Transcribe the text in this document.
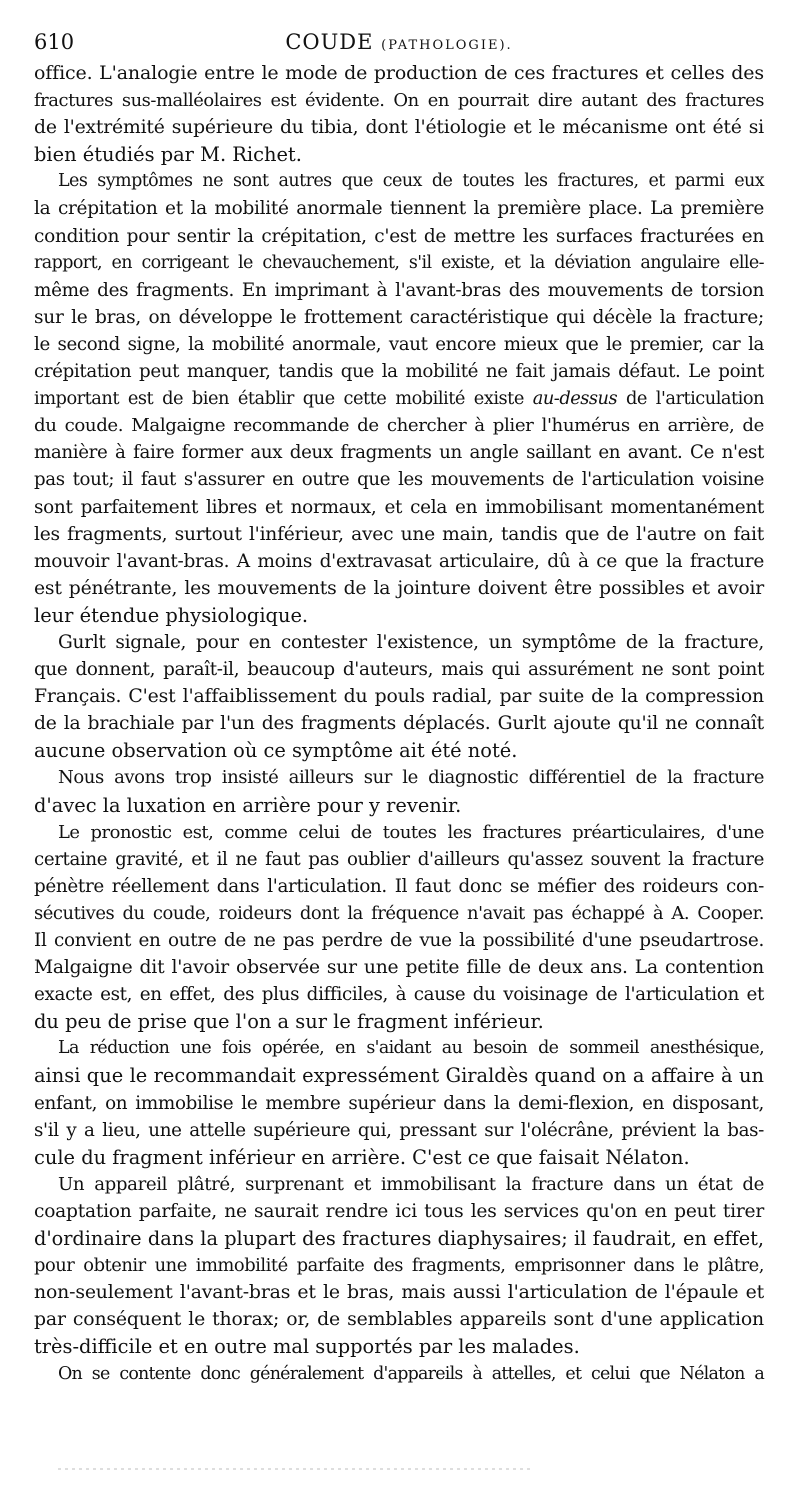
610	COUDE (PATHOLOGIE).
office. L'analogie entre le mode de production de ces fractures et celles des
fractures sus-malléolaires est évidente. On en pourrait dire autant des fractures
de l'extrémité supérieure du tibia, dont l'étiologie et le mécanisme ont été si
bien étudiés par M. Richet.
Les symptômes ne sont autres que ceux de toutes les fractures, et parmi eux
la crépitation et la mobilité anormale tiennent la première place. La première
condition pour sentir la crépitation, c'est de mettre les surfaces fracturées en
rapport, en corrigeant le chevauchement, s'il existe, et la déviation angulaire elle-
même des fragments. En imprimant à l'avant-bras des mouvements de torsion
sur le bras, on développe le frottement caractéristique qui décèle la fracture;
le second signe, la mobilité anormale, vaut encore mieux que le premier, car la
crépitation peut manquer, tandis que la mobilité ne fait jamais défaut. Le point
important est de bien établir que cette mobilité existe au-dessus de l'articulation
du coude. Malgaigne recommande de chercher à plier l'humérus en arrière, de
manière à faire former aux deux fragments un angle saillant en avant. Ce n'est
pas tout; il faut s'assurer en outre que les mouvements de l'articulation voisine
sont parfaitement libres et normaux, et cela en immobilisant momentanément
les fragments, surtout l'inférieur, avec une main, tandis que de l'autre on fait
mouvoir l'avant-bras. A moins d'extravasat articulaire, dû à ce que la fracture
est pénétrante, les mouvements de la jointure doivent être possibles et avoir
leur étendue physiologique.
Gurlt signale, pour en contester l'existence, un symptôme de la fracture,
que donnent, paraît-il, beaucoup d'auteurs, mais qui assurément ne sont point
Français. C'est l'affaiblissement du pouls radial, par suite de la compression
de la brachiale par l'un des fragments déplacés. Gurlt ajoute qu'il ne connaît
aucune observation où ce symptôme ait été noté.
Nous avons trop insisté ailleurs sur le diagnostic différentiel de la fracture
d'avec la luxation en arrière pour y revenir.
Le pronostic est, comme celui de toutes les fractures préarticulaires, d'une
certaine gravité, et il ne faut pas oublier d'ailleurs qu'assez souvent la fracture
pénètre réellement dans l'articulation. Il faut donc se méfier des roideurs con-
sécutives du coude, roideurs dont la fréquence n'avait pas échappé à A. Cooper.
Il convient en outre de ne pas perdre de vue la possibilité d'une pseudartrose.
Malgaigne dit l'avoir observée sur une petite fille de deux ans. La contention
exacte est, en effet, des plus difficiles, à cause du voisinage de l'articulation et
du peu de prise que l'on a sur le fragment inférieur.
La réduction une fois opérée, en s'aidant au besoin de sommeil anesthésique,
ainsi que le recommandait expressément Giraldès quand on a affaire à un
enfant, on immobilise le membre supérieur dans la demi-flexion, en disposant,
s'il y a lieu, une attelle supérieure qui, pressant sur l'olécrâne, prévient la bas-
cule du fragment inférieur en arrière. C'est ce que faisait Nélaton.
Un appareil plâtré, surprenant et immobilisant la fracture dans un état de
coaptation parfaite, ne saurait rendre ici tous les services qu'on en peut tirer
d'ordinaire dans la plupart des fractures diaphysaires; il faudrait, en effet,
pour obtenir une immobilité parfaite des fragments, emprisonner dans le plâtre,
non-seulement l'avant-bras et le bras, mais aussi l'articulation de l'épaule et
par conséquent le thorax; or, de semblables appareils sont d'une application
très-difficile et en outre mal supportés par les malades.
On se contente donc généralement d'appareils à attelles, et celui que Nélaton a
